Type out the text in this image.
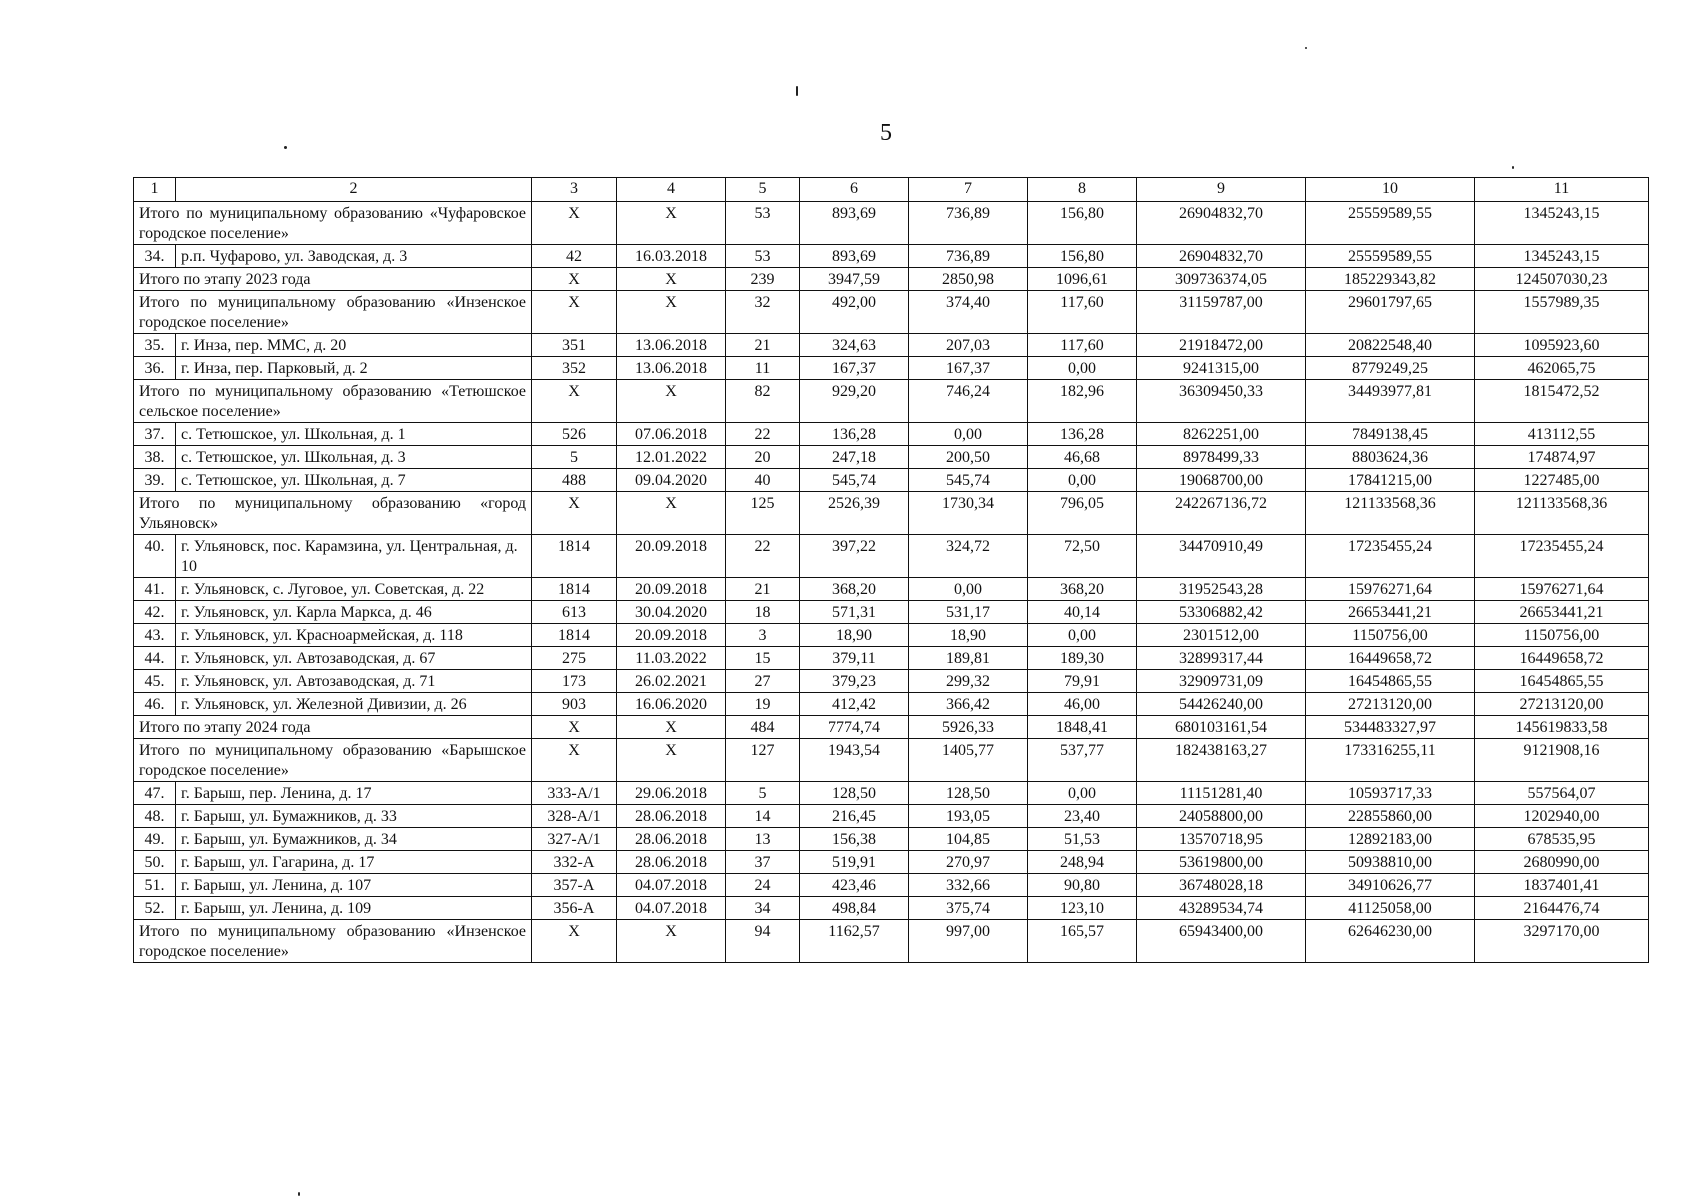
5
1	2	3	4	5	6	7	8	9	10	11
Итого по муниципальному образованию «Чуфаровское городское поселение»		Х	Х	53	893,69	736,89	156,80	26904832,70	25559589,55	1345243,15
34.	р.п. Чуфарово, ул. Заводская, д. 3	42	16.03.2018	53	893,69	736,89	156,80	26904832,70	25559589,55	1345243,15
Итого по этапу 2023 года		Х	Х	239	3947,59	2850,98	1096,61	309736374,05	185229343,82	124507030,23
Итого по муниципальному образованию «Инзенское городское поселение»		Х	Х	32	492,00	374,40	117,60	31159787,00	29601797,65	1557989,35
35.	г. Инза, пер. ММС, д. 20	351	13.06.2018	21	324,63	207,03	117,60	21918472,00	20822548,40	1095923,60
36.	г. Инза, пер. Парковый, д. 2	352	13.06.2018	11	167,37	167,37	0,00	9241315,00	8779249,25	462065,75
Итого по муниципальному образованию «Тетюшское сельское поселение»		Х	Х	82	929,20	746,24	182,96	36309450,33	34493977,81	1815472,52
37.	с. Тетюшское, ул. Школьная, д. 1	526	07.06.2018	22	136,28	0,00	136,28	8262251,00	7849138,45	413112,55
38.	с. Тетюшское, ул. Школьная, д. 3	5	12.01.2022	20	247,18	200,50	46,68	8978499,33	8803624,36	174874,97
39.	с. Тетюшское, ул. Школьная, д. 7	488	09.04.2020	40	545,74	545,74	0,00	19068700,00	17841215,00	1227485,00
Итого по муниципальному образованию «город Ульяновск»		Х	Х	125	2526,39	1730,34	796,05	242267136,72	121133568,36	121133568,36
40.	г. Ульяновск, пос. Карамзина, ул. Центральная, д. 10	1814	20.09.2018	22	397,22	324,72	72,50	34470910,49	17235455,24	17235455,24
41.	г. Ульяновск, с. Луговое, ул. Советская, д. 22	1814	20.09.2018	21	368,20	0,00	368,20	31952543,28	15976271,64	15976271,64
42.	г. Ульяновск, ул. Карла Маркса, д. 46	613	30.04.2020	18	571,31	531,17	40,14	53306882,42	26653441,21	26653441,21
43.	г. Ульяновск, ул. Красноармейская, д. 118	1814	20.09.2018	3	18,90	18,90	0,00	2301512,00	1150756,00	1150756,00
44.	г. Ульяновск, ул. Автозаводская, д. 67	275	11.03.2022	15	379,11	189,81	189,30	32899317,44	16449658,72	16449658,72
45.	г. Ульяновск, ул. Автозаводская, д. 71	173	26.02.2021	27	379,23	299,32	79,91	32909731,09	16454865,55	16454865,55
46.	г. Ульяновск, ул. Железной Дивизии, д. 26	903	16.06.2020	19	412,42	366,42	46,00	54426240,00	27213120,00	27213120,00
Итого по этапу 2024 года		Х	Х	484	7774,74	5926,33	1848,41	680103161,54	534483327,97	145619833,58
Итого по муниципальному образованию «Барышское городское поселение»		Х	Х	127	1943,54	1405,77	537,77	182438163,27	173316255,11	9121908,16
47.	г. Барыш, пер. Ленина, д. 17	333-А/1	29.06.2018	5	128,50	128,50	0,00	11151281,40	10593717,33	557564,07
48.	г. Барыш, ул. Бумажников, д. 33	328-А/1	28.06.2018	14	216,45	193,05	23,40	24058800,00	22855860,00	1202940,00
49.	г. Барыш, ул. Бумажников, д. 34	327-А/1	28.06.2018	13	156,38	104,85	51,53	13570718,95	12892183,00	678535,95
50.	г. Барыш, ул. Гагарина, д. 17	332-А	28.06.2018	37	519,91	270,97	248,94	53619800,00	50938810,00	2680990,00
51.	г. Барыш, ул. Ленина, д. 107	357-А	04.07.2018	24	423,46	332,66	90,80	36748028,18	34910626,77	1837401,41
52.	г. Барыш, ул. Ленина, д. 109	356-А	04.07.2018	34	498,84	375,74	123,10	43289534,74	41125058,00	2164476,74
Итого по муниципальному образованию «Инзенское городское поселение»		Х	Х	94	1162,57	997,00	165,57	65943400,00	62646230,00	3297170,00
